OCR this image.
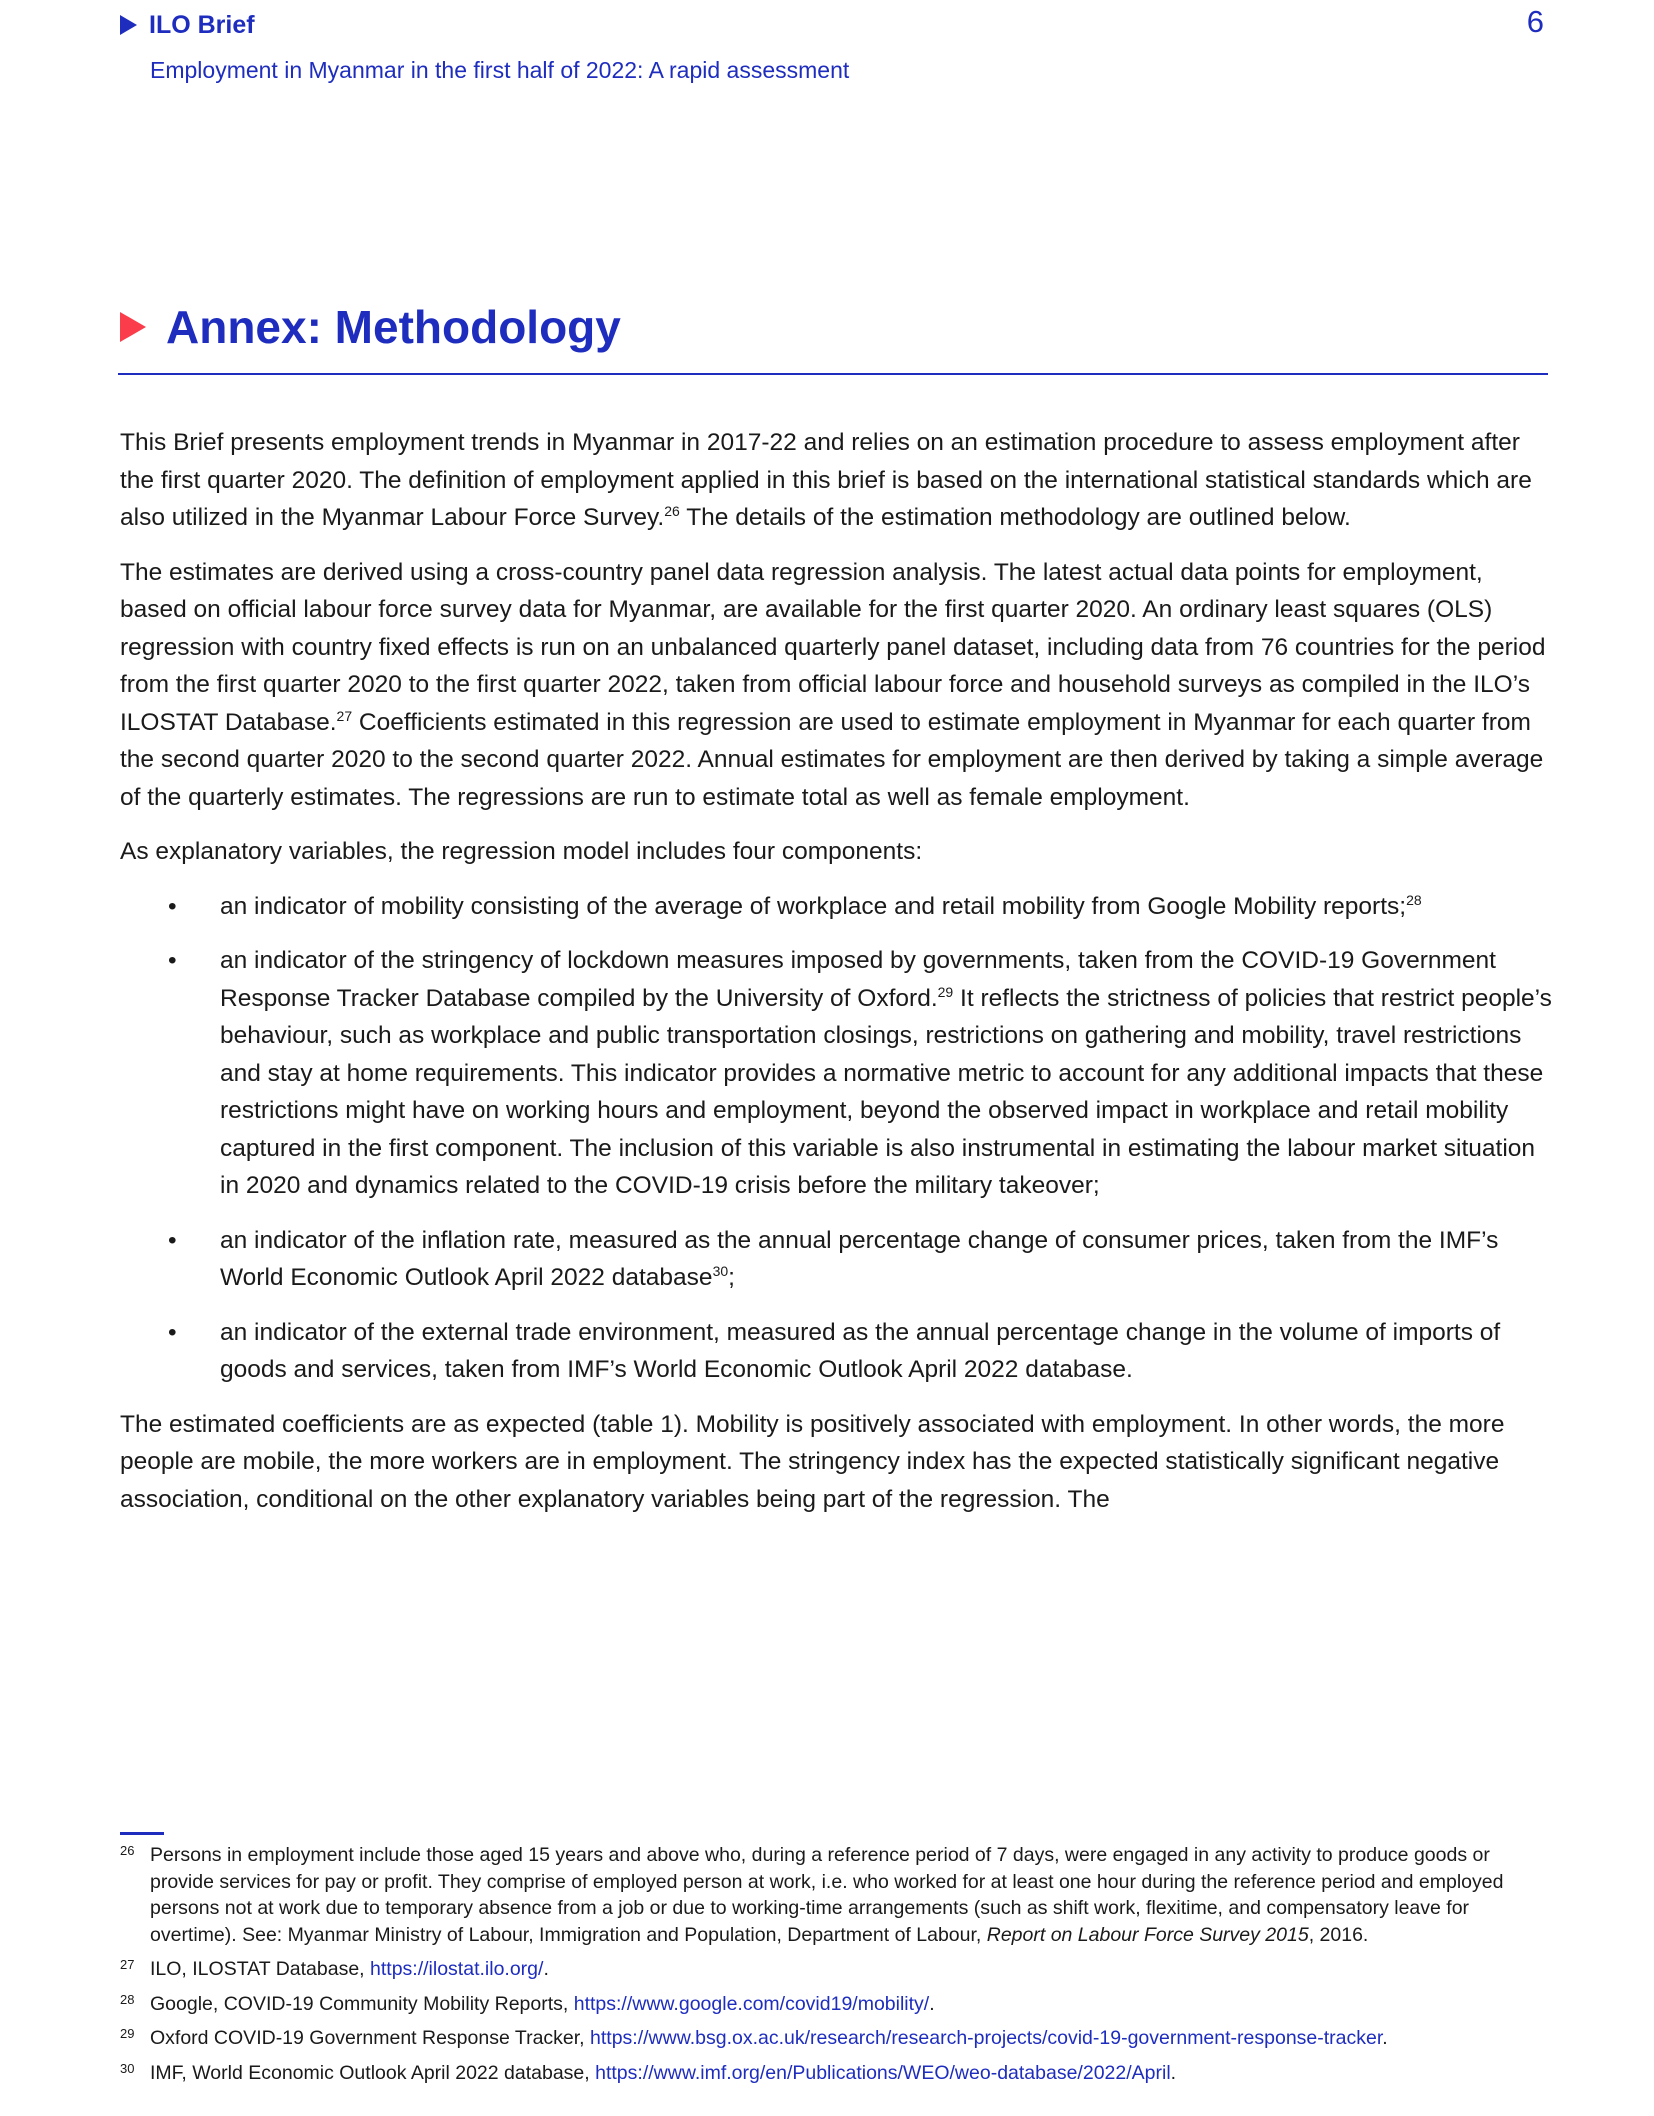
ILO Brief
Employment in Myanmar in the first half of 2022: A rapid assessment
6
Annex: Methodology

This Brief presents employment trends in Myanmar in 2017-22 and relies on an estimation procedure to assess employment after the first quarter 2020. The definition of employment applied in this brief is based on the international statistical standards which are also utilized in the Myanmar Labour Force Survey.$^{26}$ The details of the estimation methodology are outlined below.

The estimates are derived using a cross-country panel data regression analysis. The latest actual data points for employment, based on official labour force survey data for Myanmar, are available for the first quarter 2020. An ordinary least squares (OLS) regression with country fixed effects is run on an unbalanced quarterly panel dataset, including data from 76 countries for the period from the first quarter 2020 to the first quarter 2022, taken from official labour force and household surveys as compiled in the ILO’s ILOSTAT Database.$^{27}$ Coefficients estimated in this regression are used to estimate employment in Myanmar for each quarter from the second quarter 2020 to the second quarter 2022. Annual estimates for employment are then derived by taking a simple average of the quarterly estimates. The regressions are run to estimate total as well as female employment.

As explanatory variables, the regression model includes four components:

• an indicator of mobility consisting of the average of workplace and retail mobility from Google Mobility reports;$^{28}$
• an indicator of the stringency of lockdown measures imposed by governments, taken from the COVID-19 Government Response Tracker Database compiled by the University of Oxford.$^{29}$ It reflects the strictness of policies that restrict people’s behaviour, such as workplace and public transportation closings, restrictions on gathering and mobility, travel restrictions and stay at home requirements. This indicator provides a normative metric to account for any additional impacts that these restrictions might have on working hours and employment, beyond the observed impact in workplace and retail mobility captured in the first component. The inclusion of this variable is also instrumental in estimating the labour market situation in 2020 and dynamics related to the COVID-19 crisis before the military takeover;
• an indicator of the inflation rate, measured as the annual percentage change of consumer prices, taken from the IMF’s World Economic Outlook April 2022 database$^{30}$;
• an indicator of the external trade environment, measured as the annual percentage change in the volume of imports of goods and services, taken from IMF’s World Economic Outlook April 2022 database.

The estimated coefficients are as expected (table 1). Mobility is positively associated with employment. In other words, the more people are mobile, the more workers are in employment. The stringency index has the expected statistically significant negative association, conditional on the other explanatory variables being part of the regression. The

26 Persons in employment include those aged 15 years and above who, during a reference period of 7 days, were engaged in any activity to produce goods or provide services for pay or profit. They comprise of employed person at work, i.e. who worked for at least one hour during the reference period and employed persons not at work due to temporary absence from a job or due to working-time arrangements (such as shift work, flexitime, and compensatory leave for overtime). See: Myanmar Ministry of Labour, Immigration and Population, Department of Labour, Report on Labour Force Survey 2015, 2016.
27 ILO, ILOSTAT Database, https://ilostat.ilo.org/.
28 Google, COVID-19 Community Mobility Reports, https://www.google.com/covid19/mobility/.
29 Oxford COVID-19 Government Response Tracker, https://www.bsg.ox.ac.uk/research/research-projects/covid-19-government-response-tracker.
30 IMF, World Economic Outlook April 2022 database, https://www.imf.org/en/Publications/WEO/weo-database/2022/April.
